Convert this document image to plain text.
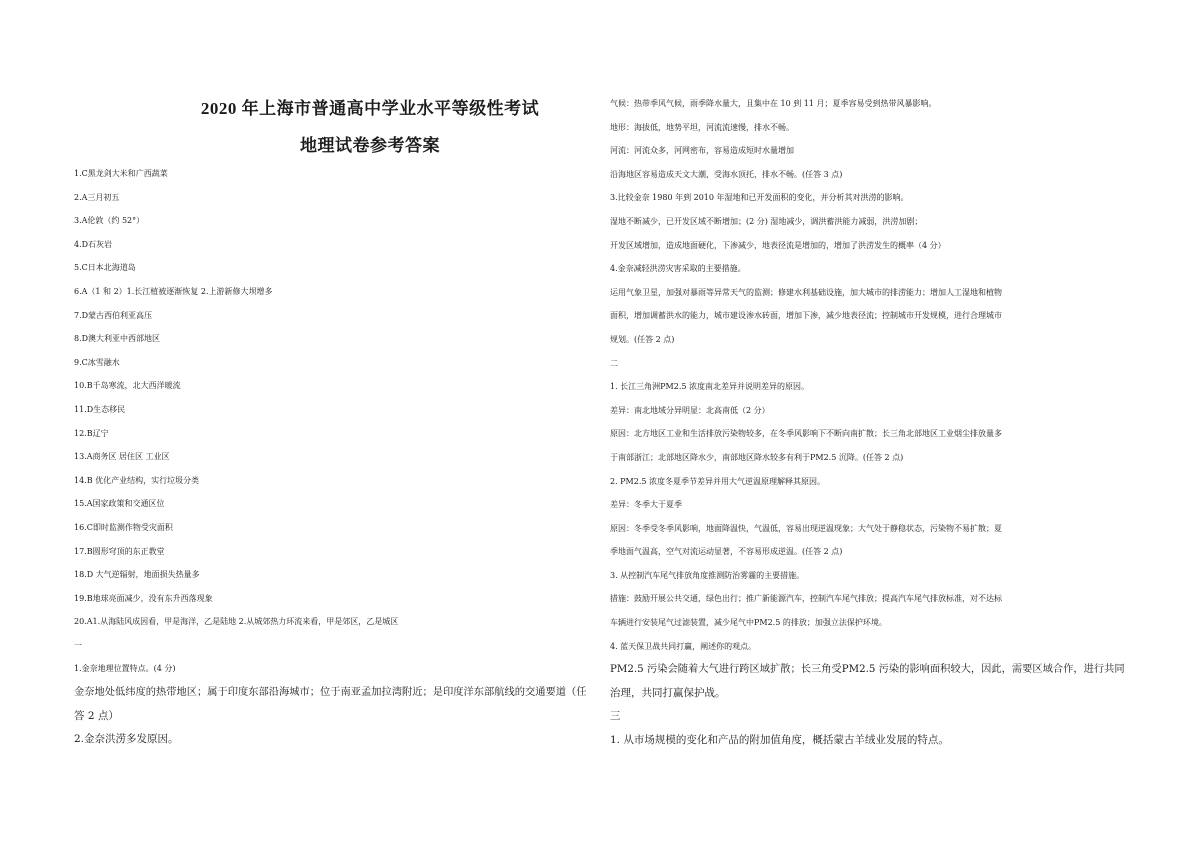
2020 年上海市普通高中学业水平等级性考试
地理试卷参考答案
1.C黑龙剑大米和广西蔬菜
2.A三月初五
3.A伦敦（约 52°）
4.D石灰岩
5.C日本北海道岛
6.A（1 和 2）1.长江植被逐渐恢复 2.上游新修大坝增多
7.D蒙古西伯利亚高压
8.D澳大利亚中西部地区
9.C冰雪融水
10.B千岛寒流，北大西洋暖流
11.D生态移民
12.B辽宁
13.A商务区 居住区 工业区
14.B 优化产业结构，实行垃圾分类
15.A国家政策和交通区位
16.C即时监测作物受灾面积
17.B圆形穹顶的东正教堂
18.D 大气逆辐射，地面损失热量多
19.B地球亮面减少，没有东升西落现象
20.A1.从海陆风成因看，甲是海洋，乙是陆地 2.从城郊热力环流来看，甲是郊区，乙是城区
一
1.金奈地理位置特点。(4 分)
金奈地处低纬度的热带地区；属于印度东部沿海城市；位于南亚孟加拉湾附近；是印度洋东部航线的交通要道（任
答 2 点）
2.金奈洪涝多发原因。
气候：热带季风气候，雨季降水量大，且集中在 10 到 11 月；夏季容易受到热带风暴影响。
地形：海拔低，地势平坦，河流流速慢，排水不畅。
河流：河流众多，河网密布，容易造成短时水量增加
沿海地区容易造成天文大潮，受海水顶托，排水不畅。(任答 3 点)
3.比较金奈 1980 年到 2010 年湿地和已开发面积的变化，并分析其对洪涝的影响。
湿地不断减少，已开发区域不断增加；(2 分) 湿地减少，调洪蓄洪能力减弱，洪涝加剧；
开发区域增加，造成地面硬化，下渗减少，地表径流是增加的，增加了洪涝发生的概率（4 分）
4.金奈减轻洪涝灾害采取的主要措施。
运用气象卫星，加强对暴雨等异常天气的监测；修建水利基础设施，加大城市的排涝能力；增加人工湿地和植物
面积，增加调蓄洪水的能力，城市建设渗水砖面，增加下渗，减少地表径流；控制城市开发规模，进行合理城市
规划。(任答 2 点)
二
1. 长江三角洲PM2.5 浓度南北差异并说明差异的原因。
差异：南北地域分异明显：北高南低（2 分）
原因：北方地区工业和生活排放污染物较多，在冬季风影响下不断向南扩散；长三角北部地区工业烟尘排放量多
于南部浙江；北部地区降水少，南部地区降水较多有利于PM2.5 沉降。(任答 2 点)
2. PM2.5 浓度冬夏季节差异并用大气逆温原理解释其原因。
差异：冬季大于夏季
原因：冬季受冬季风影响，地面降温快，气温低，容易出现逆温现象；大气处于静稳状态，污染物不易扩散；夏
季地面气温高，空气对流运动显著，不容易形成逆温。(任答 2 点)
3. 从控制汽车尾气排放角度推测防治雾霾的主要措施。
措施：鼓励开展公共交通，绿色出行；推广新能源汽车，控制汽车尾气排放；提高汽车尾气排放标准，对不达标
车辆进行安装尾气过滤装置，减少尾气中PM2.5 的排放；加强立法保护环境。
4. 蓝天保卫战共同打赢，阐述你的观点。
PM2.5 污染会随着大气进行跨区域扩散；长三角受PM2.5 污染的影响面积较大，因此，需要区域合作，进行共同
治理，共同打赢保护战。
三
1. 从市场规模的变化和产品的附加值角度，概括蒙古羊绒业发展的特点。
